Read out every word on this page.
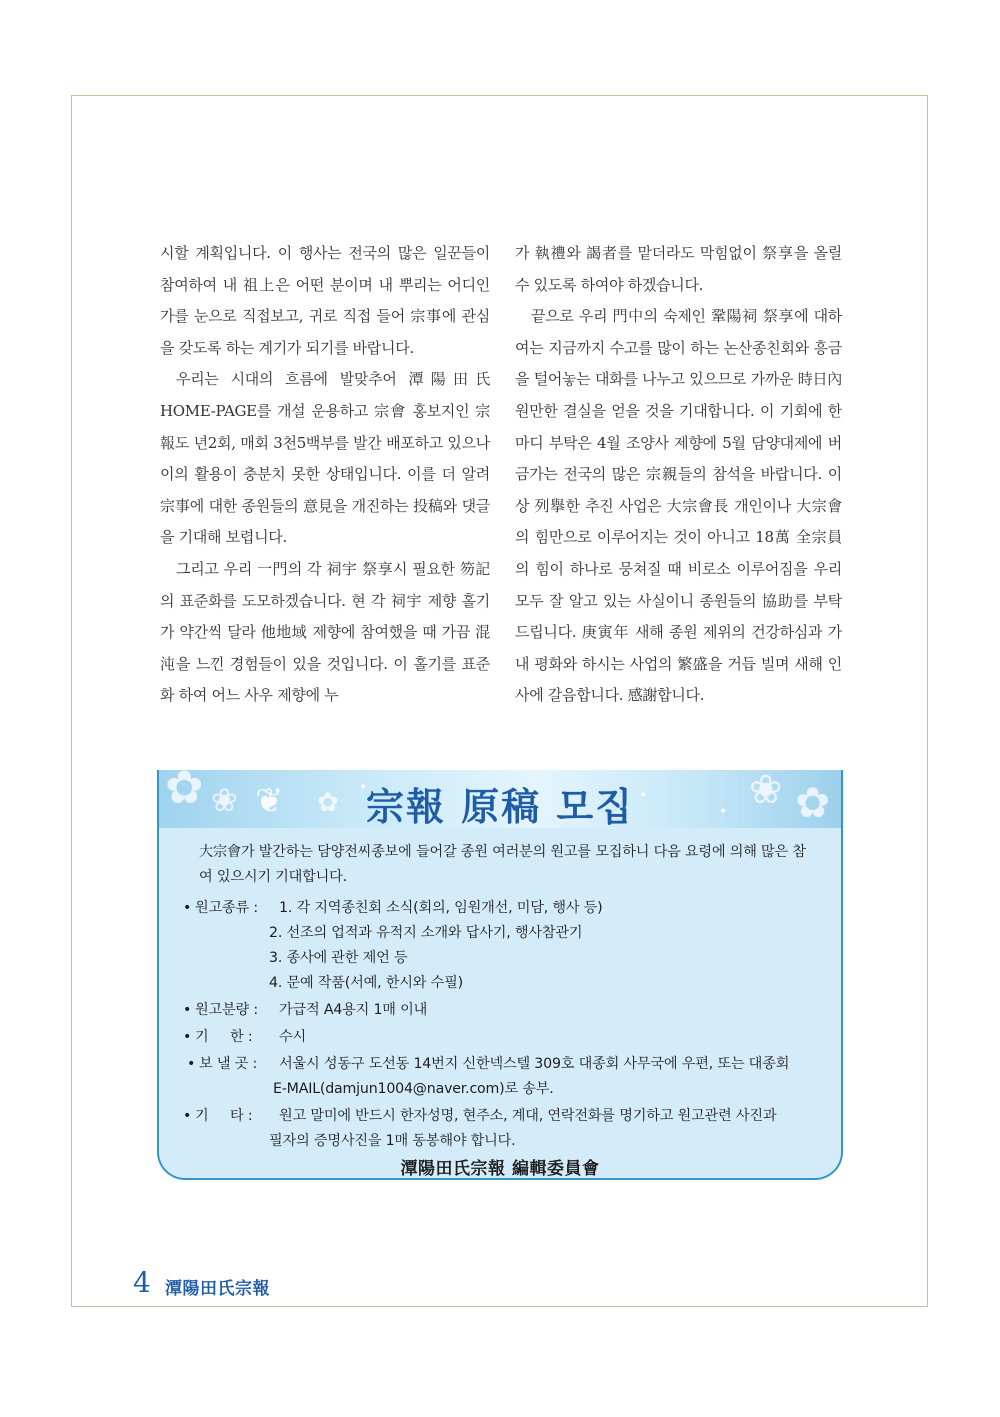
시할 계획입니다. 이 행사는 전국의 많은 일꾼들이 참여하여 내 祖上은 어떤 분이며 내 뿌리는 어디인가를 눈으로 직접보고, 귀로 직접 들어 宗事에 관심을 갖도록 하는 계기가 되기를 바랍니다.

우리는 시대의 흐름에 발맞추어 潭陽田氏 HOME-PAGE를 개설 운용하고 宗會 홍보지인 宗報도 년2회, 매회 3천5백부를 발간 배포하고 있으나 이의 활용이 충분치 못한 상태입니다. 이를 더 알려 宗事에 대한 종원들의 意見을 개진하는 投稿와 댓글을 기대해 보렵니다.

그리고 우리 一門의 각 祠宇 祭享시 필요한 笏記의 표준화를 도모하겠습니다. 현 각 祠宇 제향 홀기가 약간씩 달라 他地域 제향에 참여했을 때 가끔 混沌을 느낀 경험들이 있을 것입니다. 이 홀기를 표준화 하여 어느 사우 제향에 누

가 執禮와 謁者를 맡더라도 막힘없이 祭享을 올릴 수 있도록 하여야 하겠습니다.

끝으로 우리 門中의 숙제인 鞏陽祠 祭享에 대하여는 지금까지 수고를 많이 하는 논산종친회와 흥금을 털어놓는 대화를 나누고 있으므로 가까운 時日內 원만한 결실을 얻을 것을 기대합니다. 이 기회에 한마디 부탁은 4월 조양사 제향에 5월 담양대제에 버금가는 전국의 많은 宗親들의 참석을 바랍니다. 이상 列擧한 추진 사업은 大宗會長 개인이나 大宗會의 힘만으로 이루어지는 것이 아니고 18萬 全宗員의 힘이 하나로 뭉쳐질 때 비로소 이루어짐을 우리 모두 잘 알고 있는 사실이니 종원들의 協助를 부탁드립니다. 庚寅年 새해 종원 제위의 건강하심과 가내 평화와 하시는 사업의 繁盛을 거듭 빌며 새해 인사에 갈음합니다. 感謝합니다.

✿ ❀ ❦ ✿
✦
✦
✦ ❀ ✿
宗報 原稿 모집
大宗會가 발간하는 담양전씨종보에 들어갈 종원 여러분의 원고를 모집하니 다음 요령에 의해 많은 참여 있으시기 기대합니다.
• 원고종류 : 1. 각 지역종친회 소식(회의, 임원개선, 미담, 행사 등)
2. 선조의 업적과 유적지 소개와 답사기, 행사참관기
3. 종사에 관한 제언 등
4. 문예 작품(서예, 한시와 수필)
• 원고분량 : 가급적 A4용지 1매 이내
• 기     한 : 수시
• 보 낼 곳 : 서울시 성동구 도선동 14번지 신한넥스텔 309호 대종회 사무국에 우편, 또는 대종회
E-MAIL(damjun1004@naver.com)로 송부.
• 기     타 : 원고 말미에 반드시 한자성명, 현주소, 계대, 연락전화를 명기하고 원고관련 사진과
필자의 증명사진을 1매 동봉해야 합니다.
潭陽田氏宗報 編輯委員會
4 潭陽田氏宗報
